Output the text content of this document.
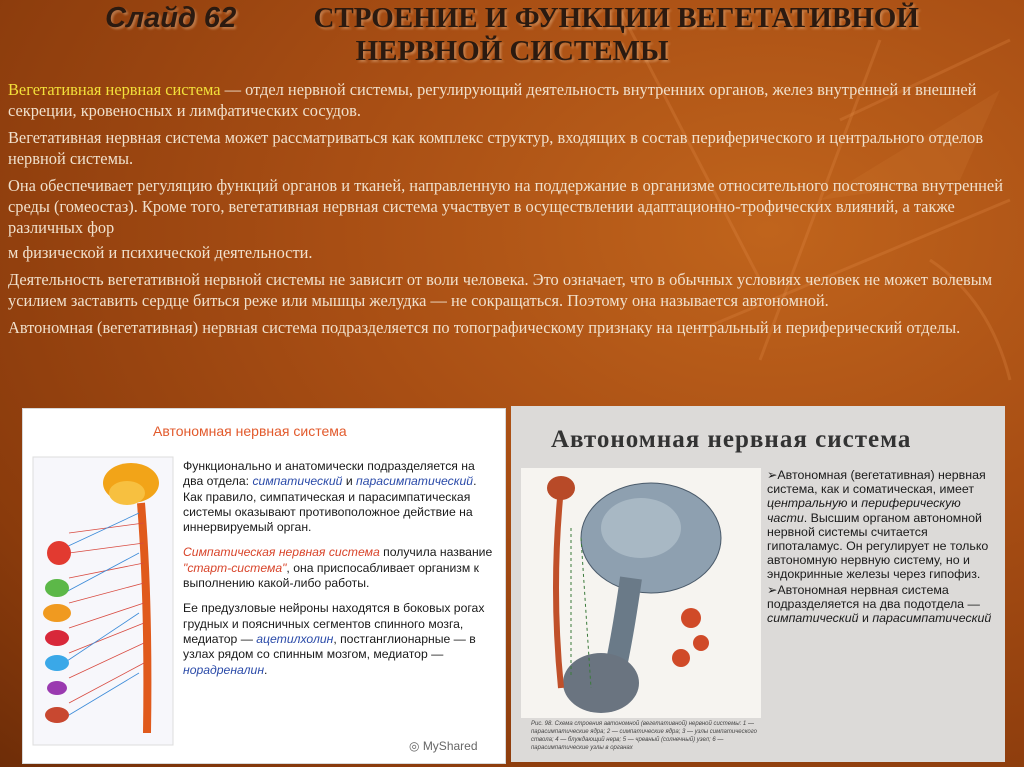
Слайд 62	СТРОЕНИЕ И ФУНКЦИИ ВЕГЕТАТИВНОЙ
НЕРВНОЙ СИСТЕМЫ

Вегетативная нервная система — отдел нервной системы, регулирующий деятельность внутренних органов, желез внутренней и внешней секреции, кровеносных и лимфатических сосудов.

Вегетативная нервная система может рассматриваться как комплекс структур, входящих в состав периферического и центрального отделов нервной системы.

Она обеспечивает регуляцию функций органов и тканей, направленную на поддержание в организме относительного постоянства внутренней среды (гомеостаз). Кроме того, вегетативная нервная система участвует в осуществлении адаптационно-трофических влияний, а также различных фор

м физической и психической деятельности.

Деятельность вегетативной нервной системы не зависит от воли человека. Это означает, что в обычных условиях человек не может волевым усилием заставить сердце биться реже или мышцы желудка — не сокращаться. Поэтому она называется автономной.

Автономная (вегетативная) нервная система подразделяется по топографическому признаку на центральный и периферический отделы.

Автономная нервная система

Функционально и анатомически подразделяется на два отдела: симпатический и парасимпатический. Как правило, симпатическая и парасимпатическая системы оказывают противоположное действие на иннервируемый орган.

Симпатическая нервная система получила название "старт-система", она приспосабливает организм к выполнению какой-либо работы.

Ее предузловые нейроны находятся в боковых рогах грудных и поясничных сегментов спинного мозга, медиатор — ацетилхолин, постганглионарные — в узлах рядом со спинным мозгом, медиатор — норадреналин.

◎ MyShared
Автономная нервная система

➢Автономная (вегетативная) нервная система, как и соматическая, имеет центральную и периферическую части. Высшим органом автономной нервной системы считается гипоталамус. Он регулирует не только автономную нервную систему, но и эндокринные железы через гипофиз.

➢Автономная нервная система подразделяется на два подотдела — симпатический и парасимпатический

Рис. 98. Схема строения автономной (вегетативной) нервной системы: 1 — парасимпатические ядра; 2 — симпатические ядра; 3 — узлы симпатического ствола; 4 — блуждающий нерв; 5 — чревный (солнечный) узел; 6 — парасимпатические узлы в органах
